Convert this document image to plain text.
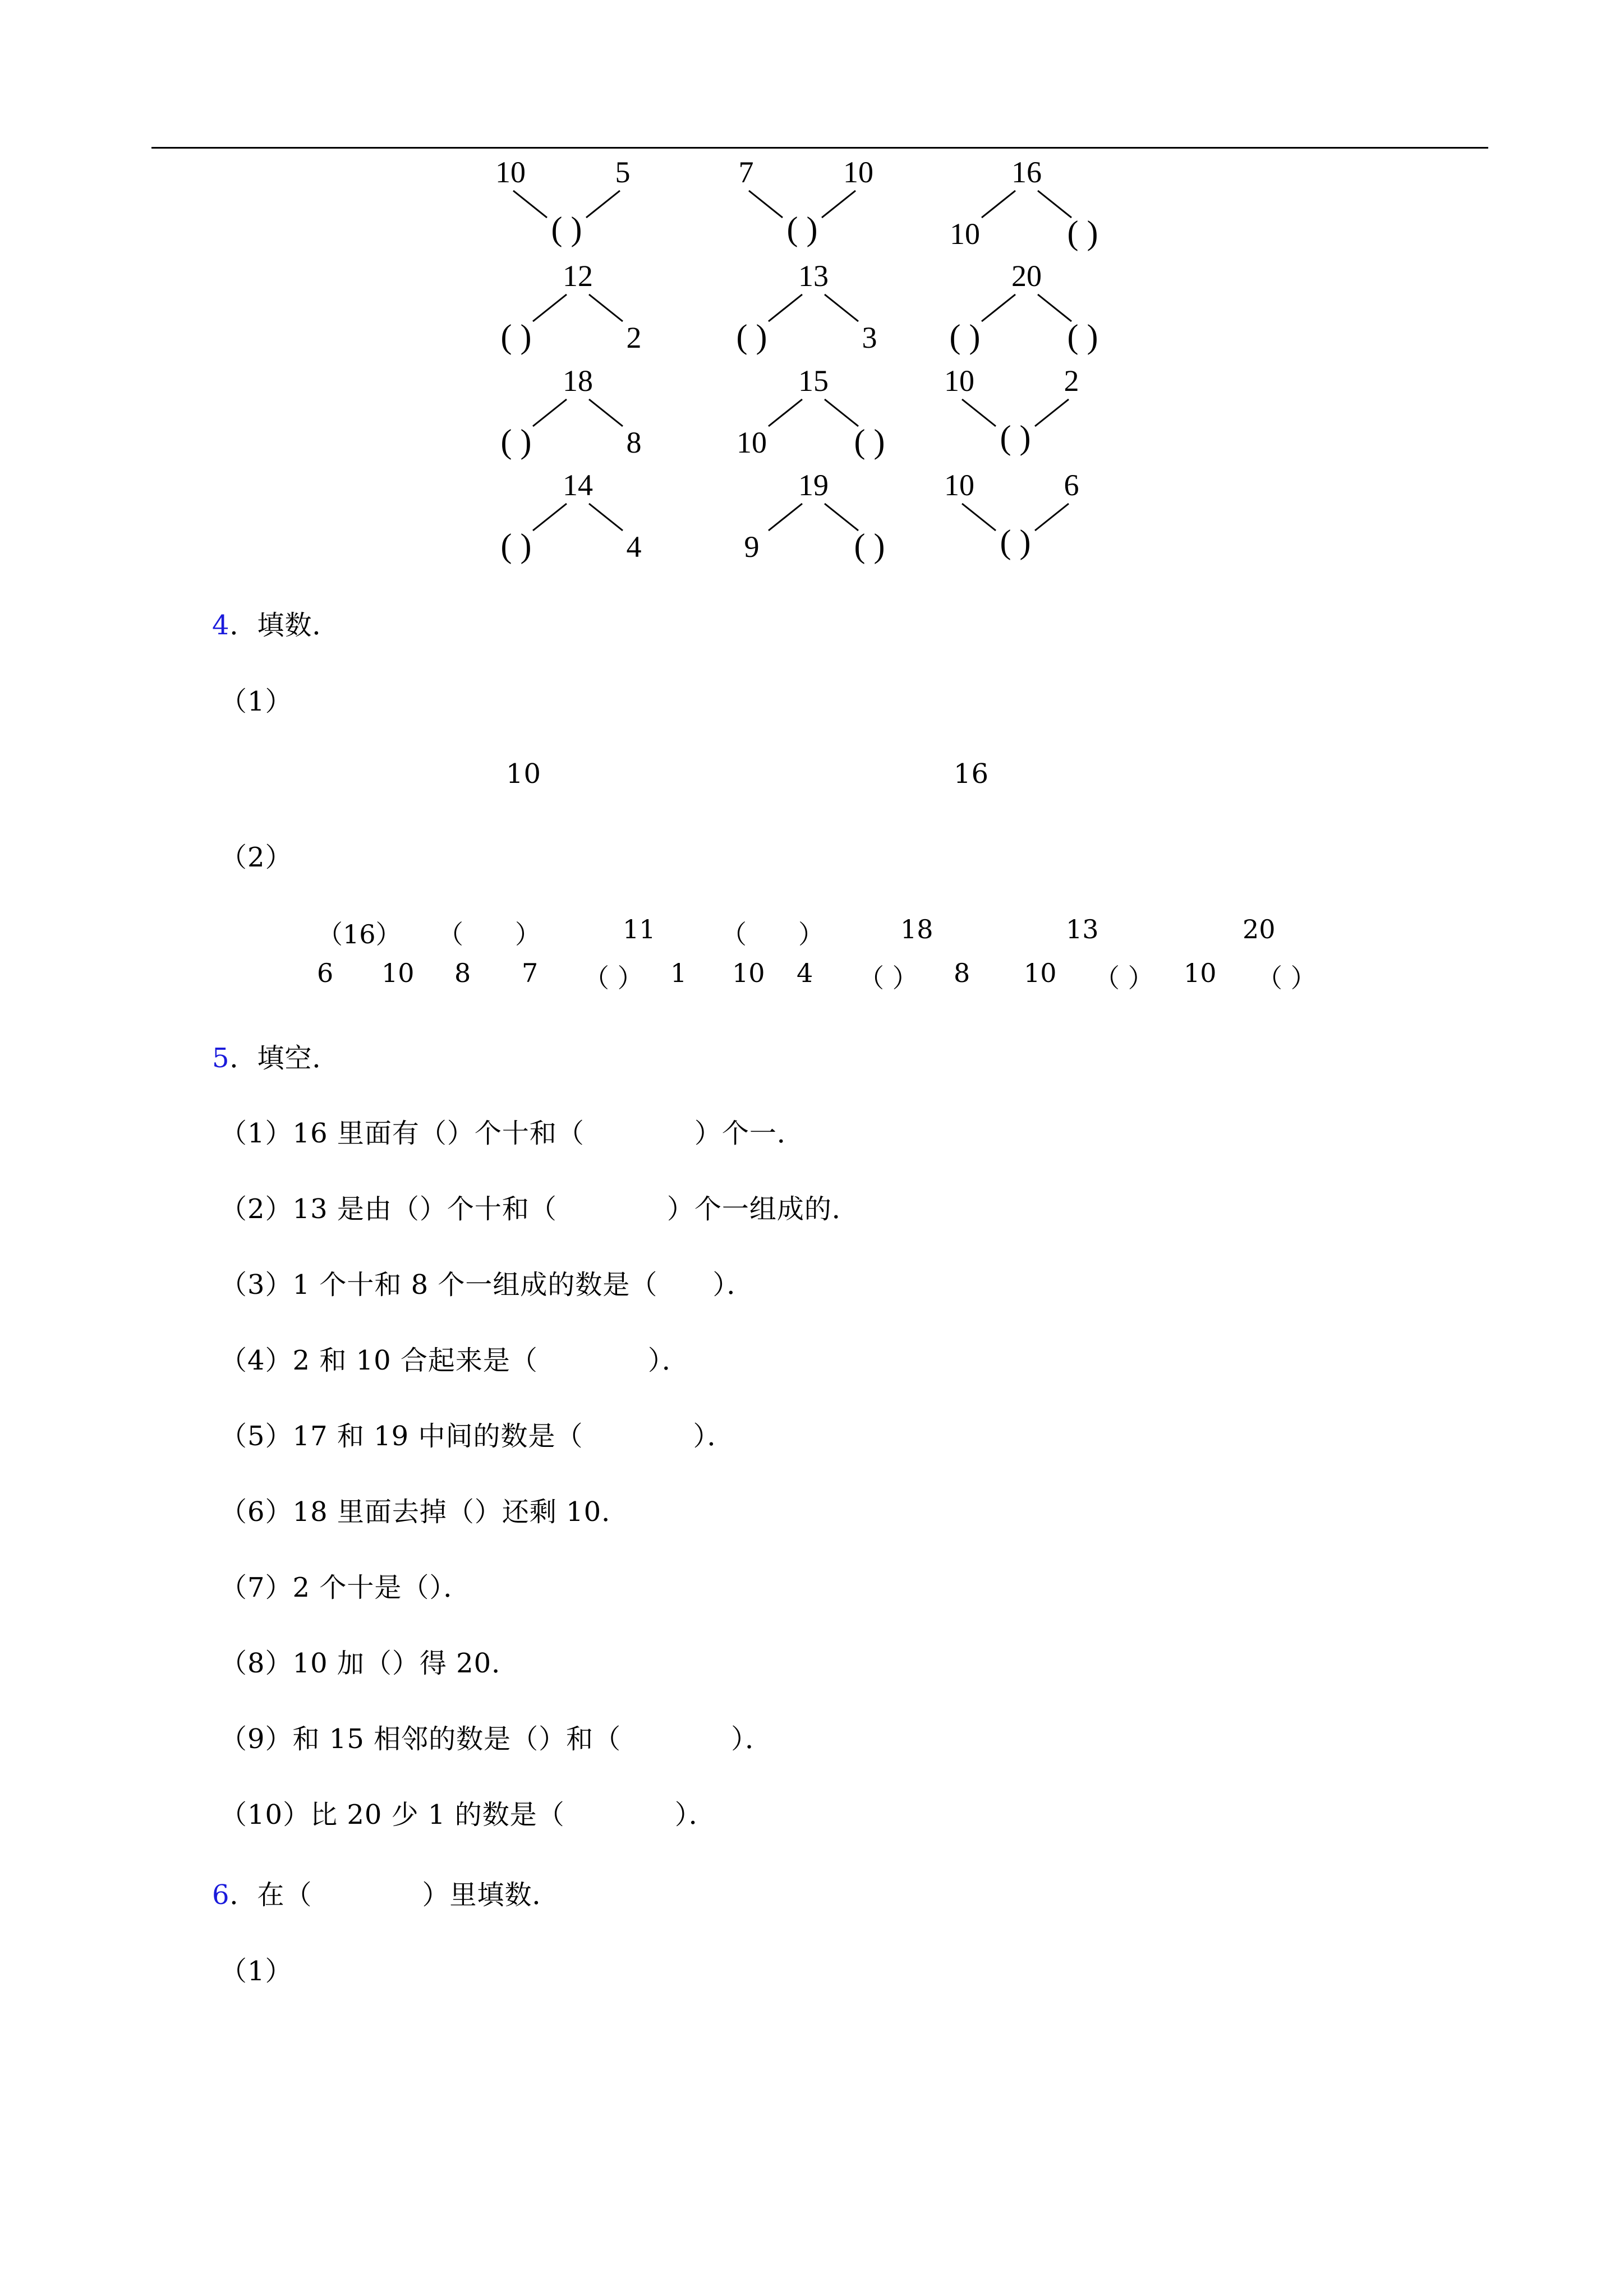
10	5
( )
7	10
( )
16
10	( )
12
( )	2
13
( )	3
20
( )	( )
18
( )	8
15
10	( )
10	2
( )
14
( )	4
19
9	( )
10	6
( )
4．填数．
（1）
10	16
（2）
（16） （　　）	11	（　　）	18	13	20
6 10 8 7 （ ） 1 10 4 （ ） 8 10 （ ） 10 （ ）
5．填空．
（1）16 里面有（）个十和（　　　　）个一．
（2）13 是由（）个十和（　　　　）个一组成的．
（3）1 个十和 8 个一组成的数是（　　）．
（4）2 和 10 合起来是（　　　　）．
（5）17 和 19 中间的数是（　　　　）．
（6）18 里面去掉（）还剩 10．
（7）2 个十是（）．
（8）10 加（）得 20．
（9）和 15 相邻的数是（）和（　　　　）．
（10）比 20 少 1 的数是（　　　　）．
6．在（　　　　）里填数．
（1）
